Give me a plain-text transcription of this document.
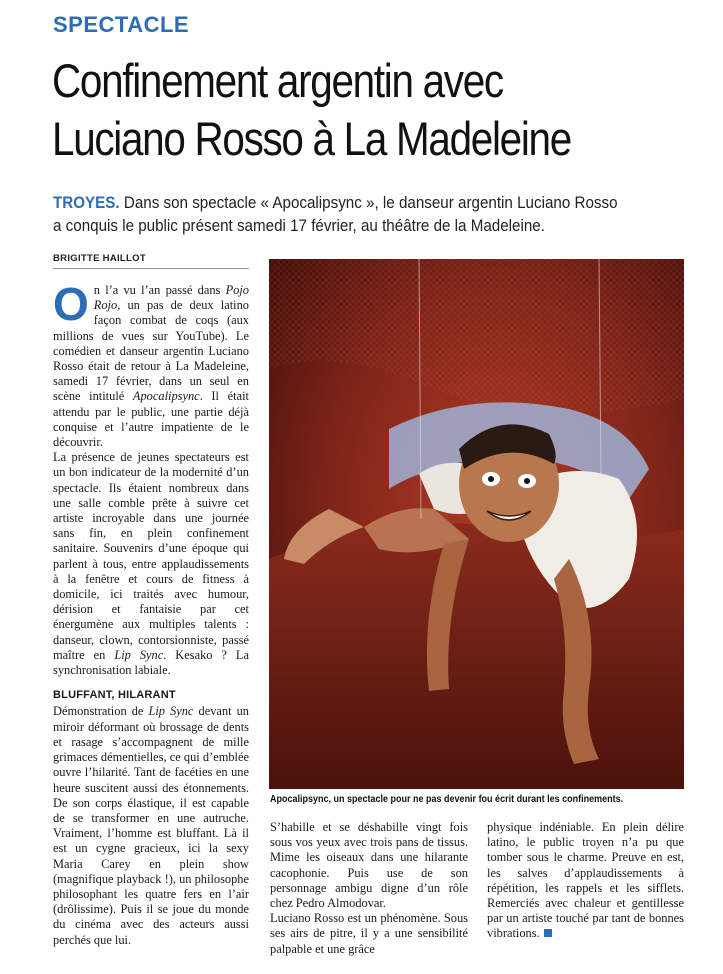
SPECTACLE
Confinement argentin avec
Luciano Rosso à La Madeleine
TROYES. Dans son spectacle « Apocalipsync », le danseur argentin Luciano Rosso
a conquis le public présent samedi 17 février, au théâtre de la Madeleine.
BRIGITTE HAILLOT
O n l’a vu l’an passé dans Pojo Rojo, un pas de deux latino façon combat de coqs (aux millions de vues sur YouTube). Le comédien et danseur argentin Luciano Rosso était de retour à La Madeleine, samedi 17 février, dans un seul en scène intitulé Apocalipsync. Il était attendu par le public, une partie déjà conquise et l’autre impatiente de le découvrir.

La présence de jeunes spectateurs est un bon indicateur de la modernité d’un spectacle. Ils étaient nombreux dans une salle comble prête à suivre cet artiste incroyable dans une journée sans fin, en plein confinement sanitaire. Souvenirs d’une époque qui parlent à tous, entre applaudissements à la fenêtre et cours de fitness à domicile, ici traités avec humour, dérision et fantaisie par cet énergumène aux multiples talents : danseur, clown, contorsionniste, passé maître en Lip Sync. Kesako ? La synchronisation labiale.

BLUFFANT, HILARANT

Démonstration de Lip Sync devant un miroir déformant où brossage de dents et rasage s’accompagnent de mille grimaces démentielles, ce qui d’emblée ouvre l’hilarité. Tant de facéties en une heure suscitent aussi des étonnements. De son corps élastique, il est capable de se transformer en une autruche. Vraiment, l’homme est bluffant. Là il est un cygne gracieux, ici la sexy Maria Carey en plein show (magnifique playback !), un philosophe philosophant les quatre fers en l’air (drôlissime). Puis il se joue du monde du cinéma avec des acteurs aussi perchés que lui.

Apocalipsync, un spectacle pour ne pas devenir fou écrit durant les confinements.

S’habille et se déshabille vingt fois sous vos yeux avec trois pans de tissus. Mime les oiseaux dans une hilarante cacophonie. Puis use de son personnage ambigu digne d’un rôle chez Pedro Almodovar.

Luciano Rosso est un phénomène. Sous ses airs de pitre, il y a une sensibilité palpable et une grâce

physique indéniable. En plein délire latino, le public troyen n’a pu que tomber sous le charme. Preuve en est, les salves d’applaudissements à répétition, les rappels et les sifflets. Remerciés avec chaleur et gentillesse par un artiste touché par tant de bonnes vibrations.
